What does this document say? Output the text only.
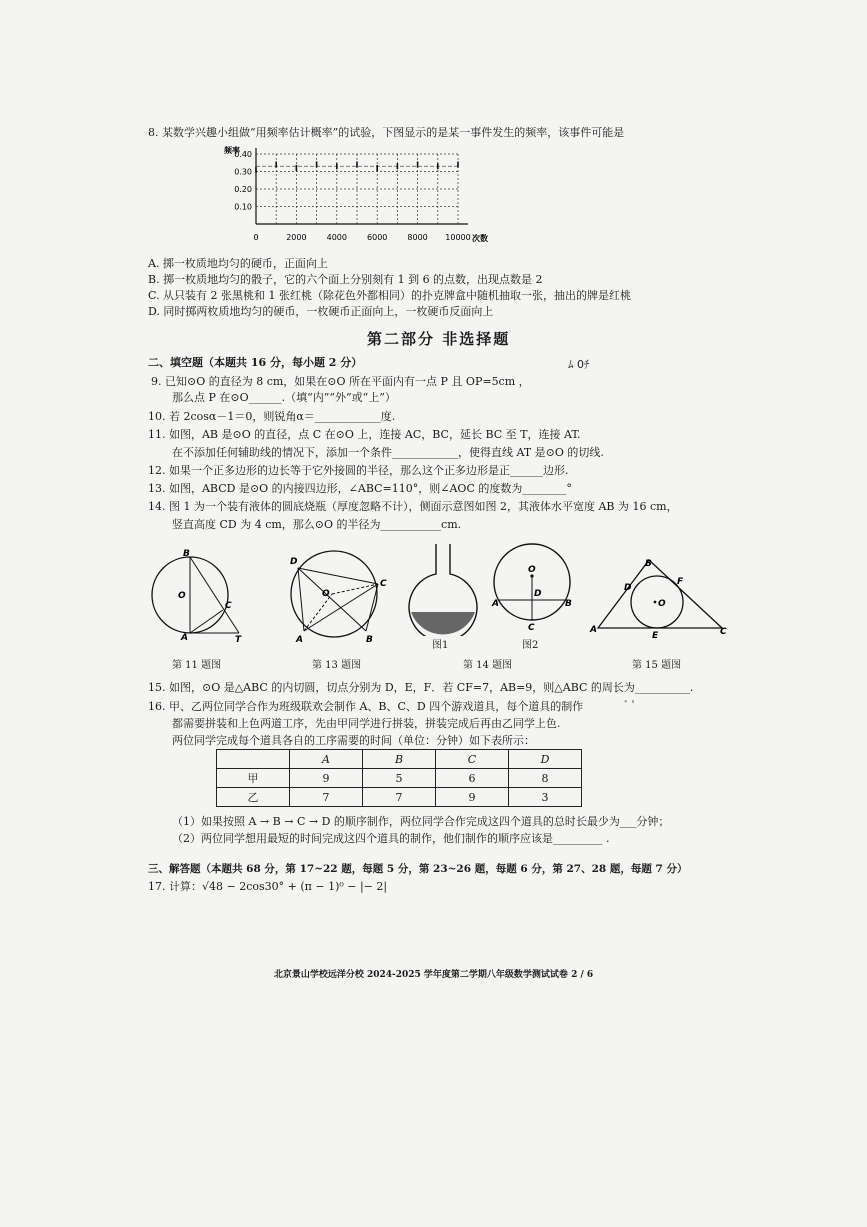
8. 某数学兴趣小组做“用频率估计概率”的试验，下图显示的是某一事件发生的频率，该事件可能是
0.10
0.20
0.30
0.40
0	2000	4000	6000	8000 10000
频率
次数
A. 掷一枚质地均匀的硬币，正面向上
B. 掷一枚质地均匀的骰子，它的六个面上分别刻有 1 到 6 的点数，出现点数是 2
C. 从只装有 2 张黑桃和 1 张红桃（除花色外都相同）的扑克牌盒中随机抽取一张，抽出的牌是红桃
D. 同时掷两枚质地均匀的硬币，一枚硬币正面向上，一枚硬币反面向上
第二部分 非选择题
二、填空题（本题共 16 分，每小题 2 分）	ﾑ 0ﾁ
9. 已知⊙O 的直径为 8 cm，如果在⊙O 所在平面内有一点 P 且 OP=5cm ，
那么点 P 在⊙O______.（填“内”“外”或“上”）
10. 若 2cosα－1＝0，则锐角α＝____________度.
11. 如图，AB 是⊙O 的直径，点 C 在⊙O 上，连接 AC，BC，延长 BC 至 T，连接 AT.
在不添加任何辅助线的情况下，添加一个条件____________，使得直线 AT 是⊙O 的切线.
12. 如果一个正多边形的边长等于它外接圆的半径，那么这个正多边形是正______边形.
13. 如图，ABCD 是⊙O 的内接四边形，∠ABC=110°，则∠AOC 的度数为________°
14. 图 1 为一个装有液体的圆底烧瓶（厚度忽略不计），侧面示意图如图 2，其液体水平宽度 AB 为 16 cm，
竖直高度 CD 为 4 cm，那么⊙O 的半径为___________cm.
B
O
C
A	T
D
O
C
A	B	图1
O
D
A	B
C
图2
B
D
F
O
A
E	C
第 11 题图	第 13 题图	第 14 题图	第 15 题图
15. 如图，⊙O 是△ABC 的内切圆，切点分别为 D，E，F．若 CF=7，AB=9，则△ABC 的周长为__________.
16. 甲、乙两位同学合作为班级联欢会制作 A、B、C、D 四个游戏道具，每个道具的制作	ﾞ ﾟ
都需要拼装和上色两道工序，先由甲同学进行拼装，拼装完成后再由乙同学上色.
两位同学完成每个道具各自的工序需要的时间（单位：分钟）如下表所示：
	A	B	C	D
甲	9	5	6	8
乙	7	7	9	3
（1）如果按照 A → B → C → D 的顺序制作，两位同学合作完成这四个道具的总时长最少为___分钟；
（2）两位同学想用最短的时间完成这四个道具的制作，他们制作的顺序应该是_________ .
三、解答题（本题共 68 分，第 17~22 题，每题 5 分，第 23~26 题，每题 6 分，第 27、28 题，每题 7 分）
17. 计算：√48 − 2cos30° + (π − 1)⁰ − |− 2|
北京景山学校远洋分校 2024-2025 学年度第二学期八年级数学测试试卷 2 / 6
